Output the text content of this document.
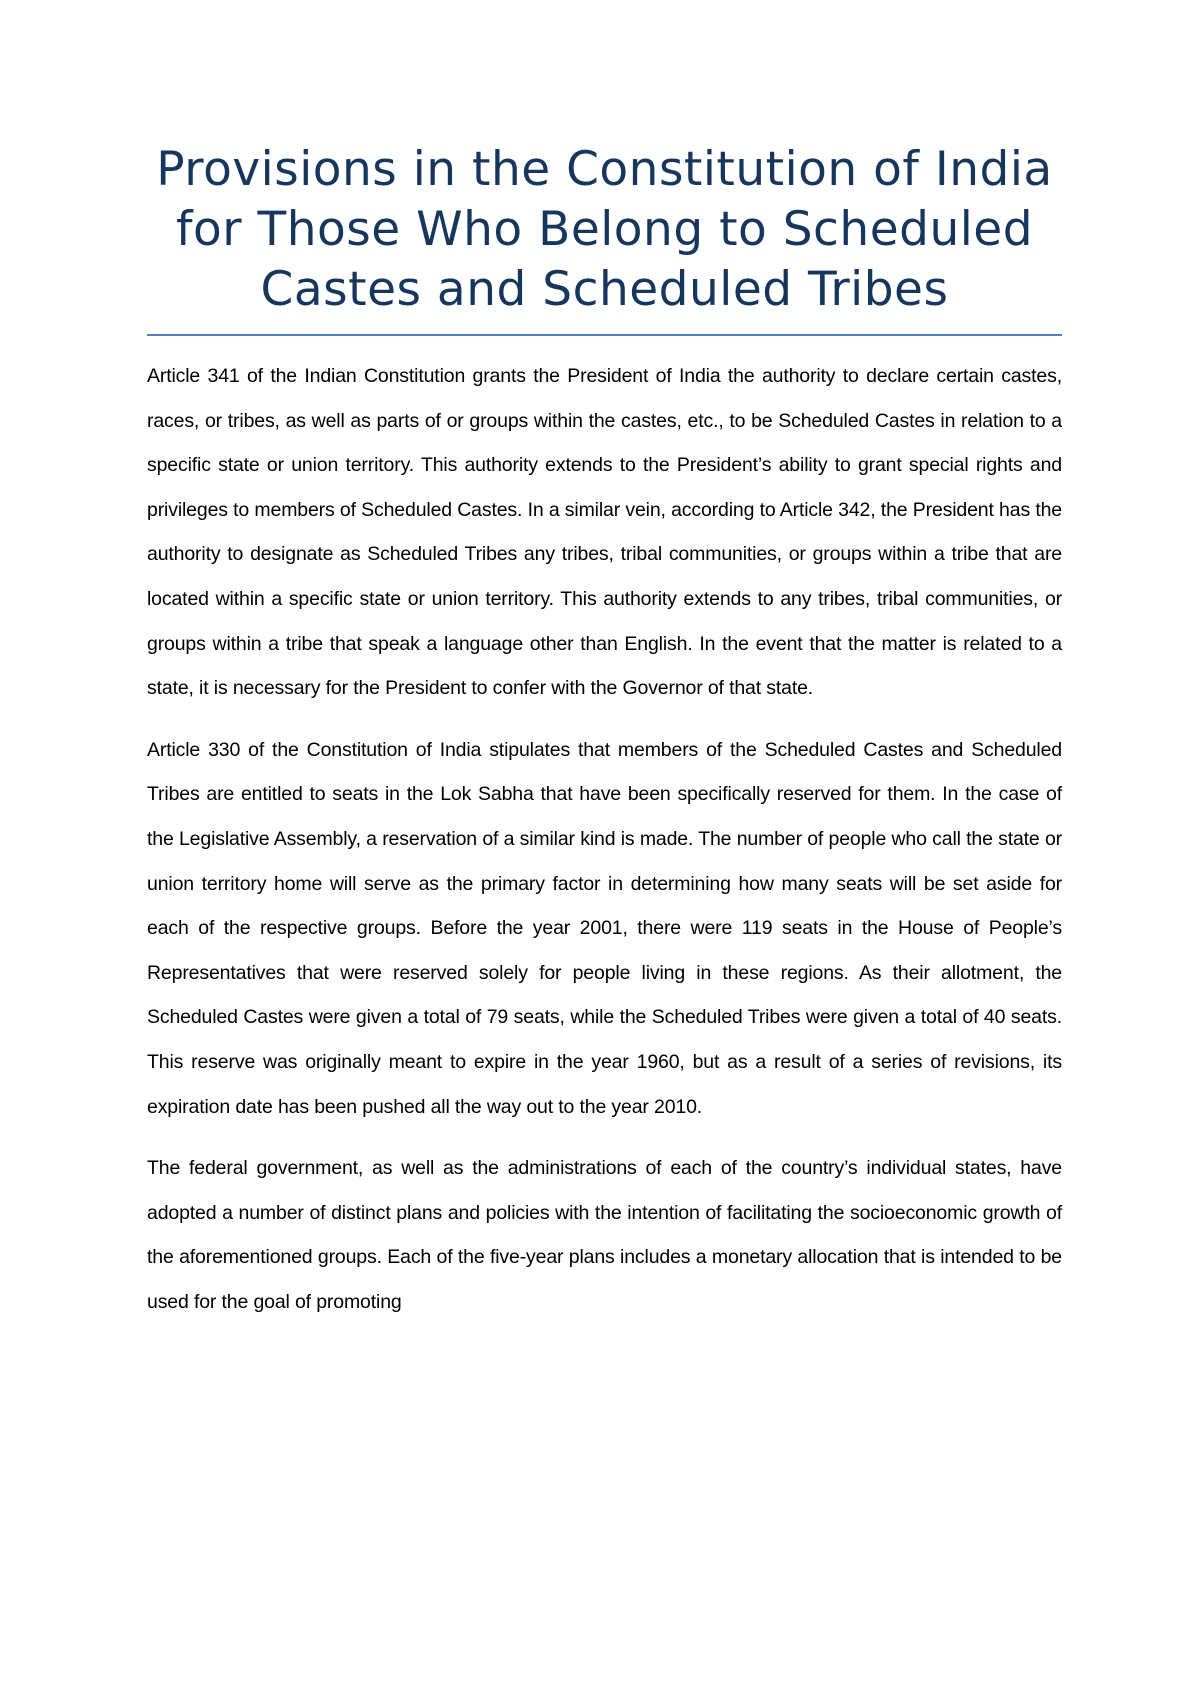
Provisions in the Constitution of India for Those Who Belong to Scheduled Castes and Scheduled Tribes

Article 341 of the Indian Constitution grants the President of India the authority to declare certain castes, races, or tribes, as well as parts of or groups within the castes, etc., to be Scheduled Castes in relation to a specific state or union territory. This authority extends to the President’s ability to grant special rights and privileges to members of Scheduled Castes. In a similar vein, according to Article 342, the President has the authority to designate as Scheduled Tribes any tribes, tribal communities, or groups within a tribe that are located within a specific state or union territory. This authority extends to any tribes, tribal communities, or groups within a tribe that speak a language other than English. In the event that the matter is related to a state, it is necessary for the President to confer with the Governor of that state.

Article 330 of the Constitution of India stipulates that members of the Scheduled Castes and Scheduled Tribes are entitled to seats in the Lok Sabha that have been specifically reserved for them. In the case of the Legislative Assembly, a reservation of a similar kind is made. The number of people who call the state or union territory home will serve as the primary factor in determining how many seats will be set aside for each of the respective groups. Before the year 2001, there were 119 seats in the House of People’s Representatives that were reserved solely for people living in these regions. As their allotment, the Scheduled Castes were given a total of 79 seats, while the Scheduled Tribes were given a total of 40 seats. This reserve was originally meant to expire in the year 1960, but as a result of a series of revisions, its expiration date has been pushed all the way out to the year 2010.

The federal government, as well as the administrations of each of the country’s individual states, have adopted a number of distinct plans and policies with the intention of facilitating the socioeconomic growth of the aforementioned groups. Each of the five-year plans includes a monetary allocation that is intended to be used for the goal of promoting
